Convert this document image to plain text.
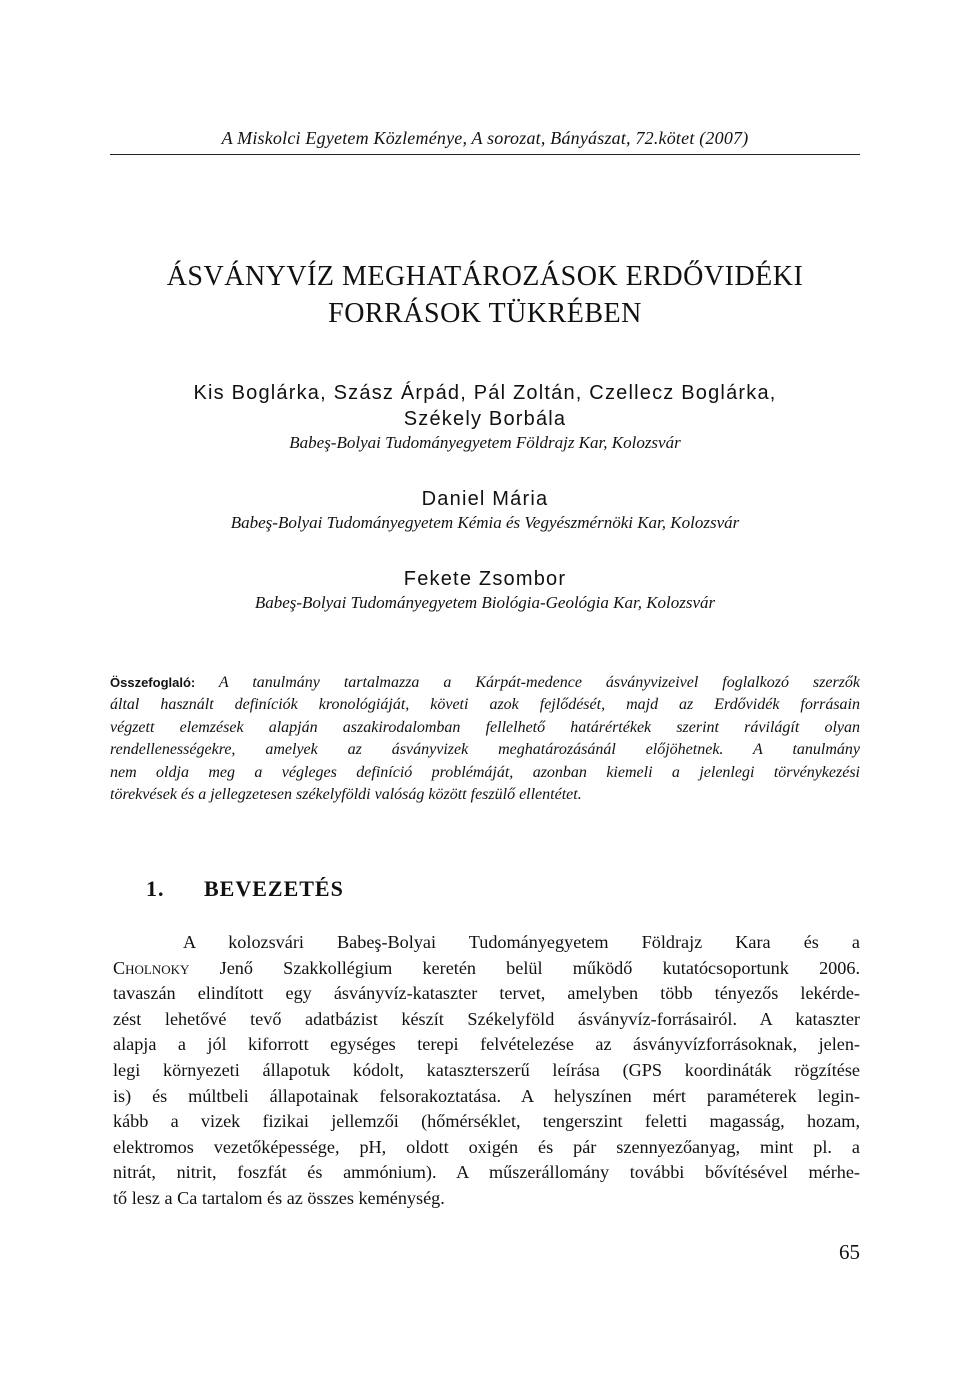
A Miskolci Egyetem Közleménye, A sorozat, Bányászat, 72.kötet (2007)
ÁSVÁNYVÍZ MEGHATÁROZÁSOK ERDŐVIDÉKI
FORRÁSOK TÜKRÉBEN
Kis Boglárka, Szász Árpád, Pál Zoltán, Czellecz Boglárka,
Székely Borbála
Babeş-Bolyai Tudományegyetem Földrajz Kar, Kolozsvár
Daniel Mária
Babeş-Bolyai Tudományegyetem Kémia és Vegyészmérnöki Kar, Kolozsvár
Fekete Zsombor
Babeş-Bolyai Tudományegyetem Biológia-Geológia Kar, Kolozsvár
Összefoglaló: A tanulmány tartalmazza a Kárpát-medence ásványvizeivel foglalkozó szerzők
által használt definíciók kronológiáját, követi azok fejlődését, majd az Erdővidék forrásain
végzett elemzések alapján aszakirodalomban fellelhető határértékek szerint rávilágít olyan
rendellenességekre, amelyek az ásványvizek meghatározásánál előjöhetnek. A tanulmány
nem oldja meg a végleges definíció problémáját, azonban kiemeli a jelenlegi törvénykezési
törekvések és a jellegzetesen székelyföldi valóság között feszülő ellentétet.
1. BEVEZETÉS
A kolozsvári Babeş-Bolyai Tudományegyetem Földrajz Kara és a
Cholnoky Jenő Szakkollégium keretén belül működő kutatócsoportunk 2006.
tavaszán elindított egy ásványvíz-kataszter tervet, amelyben több tényezős lekérde-
zést lehetővé tevő adatbázist készít Székelyföld ásványvíz-forrásairól. A kataszter
alapja a jól kiforrott egységes terepi felvételezése az ásványvízforrásoknak, jelen-
legi környezeti állapotuk kódolt, kataszterszerű leírása (GPS koordináták rögzítése
is) és múltbeli állapotainak felsorakoztatása. A helyszínen mért paraméterek legin-
kább a vizek fizikai jellemzői (hőmérséklet, tengerszint feletti magasság, hozam,
elektromos vezetőképessége, pH, oldott oxigén és pár szennyezőanyag, mint pl. a
nitrát, nitrit, foszfát és ammónium). A műszerállomány további bővítésével mérhe-
tő lesz a Ca tartalom és az összes keménység.
65
